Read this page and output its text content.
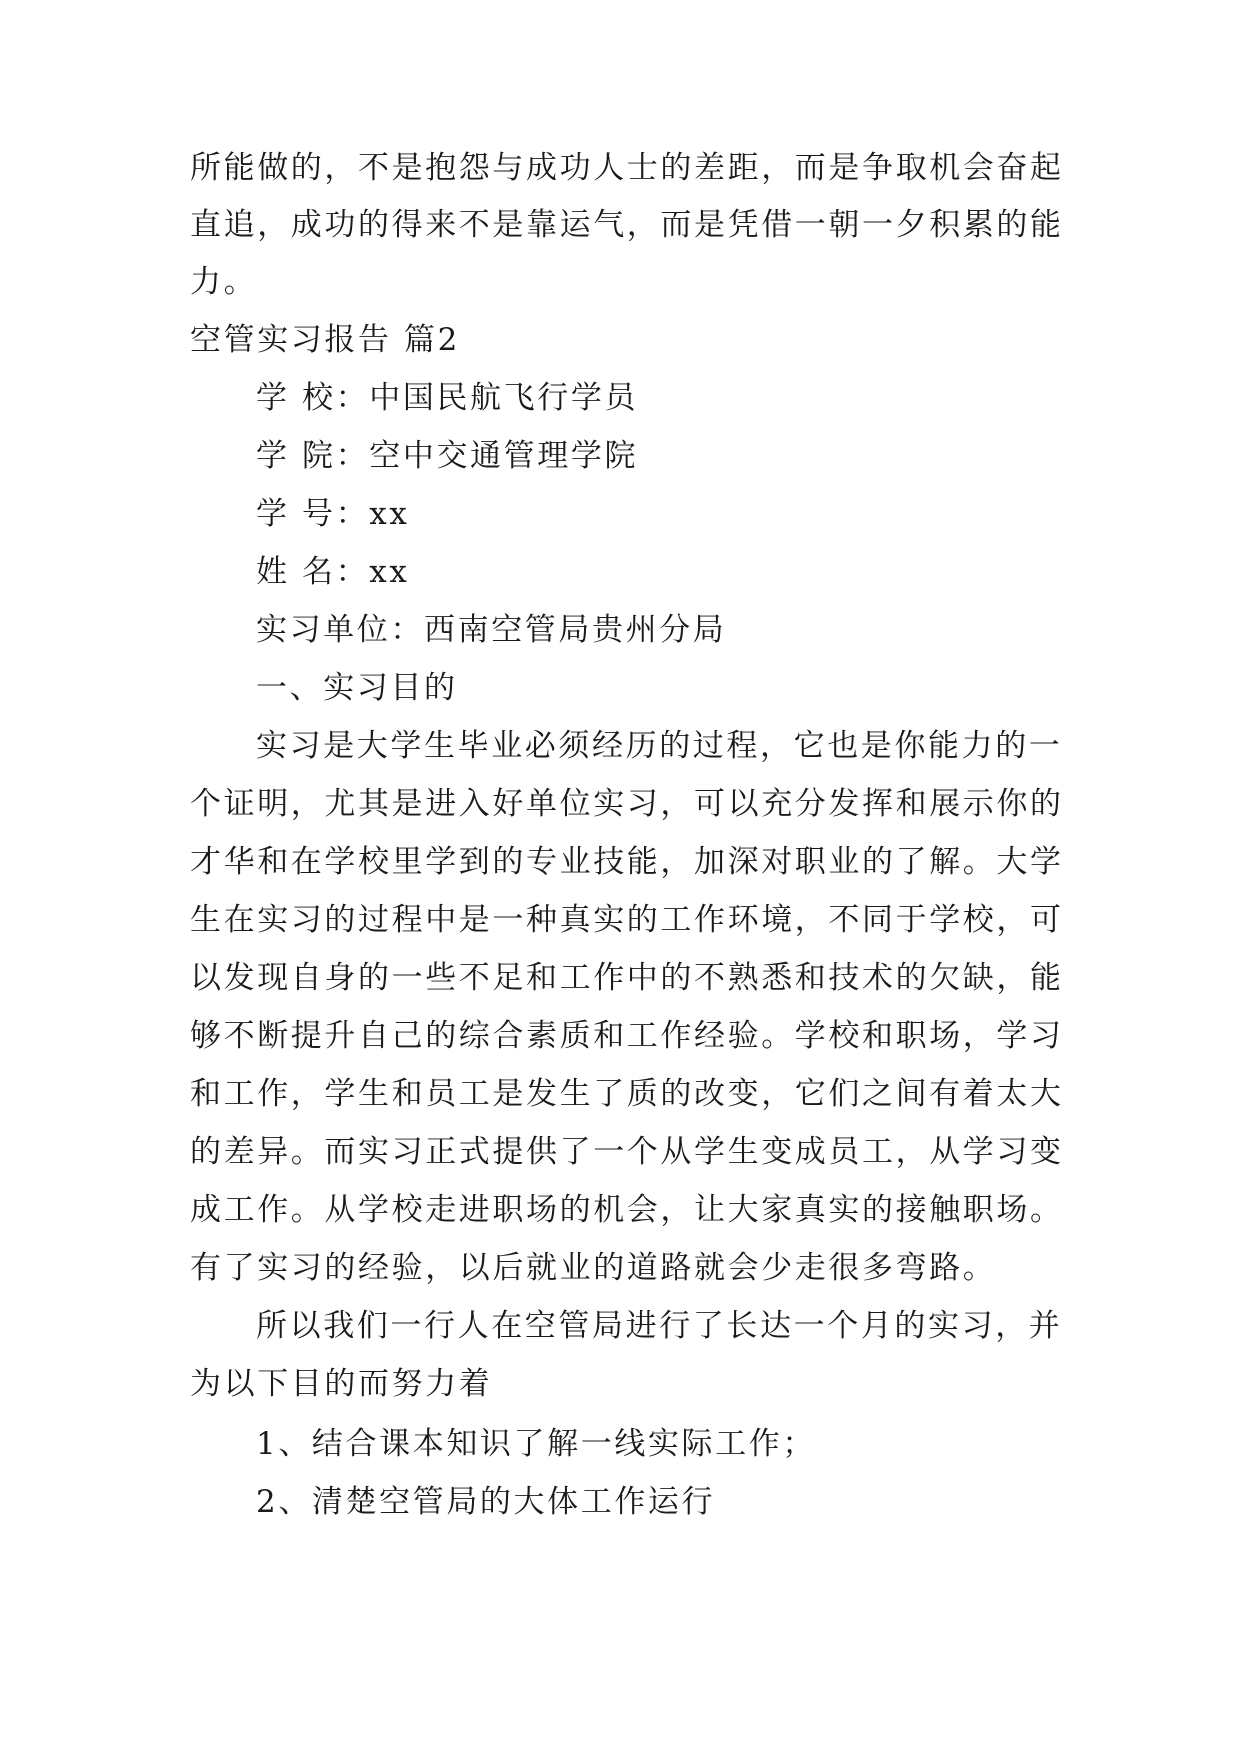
所能做的，不是抱怨与成功人士的差距，而是争取机会奋起
直追，成功的得来不是靠运气，而是凭借一朝一夕积累的能
力。
空管实习报告 篇2
学 校：中国民航飞行学员
学 院：空中交通管理学院
学 号：xx
姓 名：xx
实习单位：西南空管局贵州分局
一、实习目的
实习是大学生毕业必须经历的过程，它也是你能力的一
个证明，尤其是进入好单位实习，可以充分发挥和展示你的
才华和在学校里学到的专业技能，加深对职业的了解。大学
生在实习的过程中是一种真实的工作环境，不同于学校，可
以发现自身的一些不足和工作中的不熟悉和技术的欠缺，能
够不断提升自己的综合素质和工作经验。学校和职场，学习
和工作，学生和员工是发生了质的改变，它们之间有着太大
的差异。而实习正式提供了一个从学生变成员工，从学习变
成工作。从学校走进职场的机会，让大家真实的接触职场。
有了实习的经验，以后就业的道路就会少走很多弯路。
所以我们一行人在空管局进行了长达一个月的实习，并
为以下目的而努力着
1、结合课本知识了解一线实际工作；
2、清楚空管局的大体工作运行
